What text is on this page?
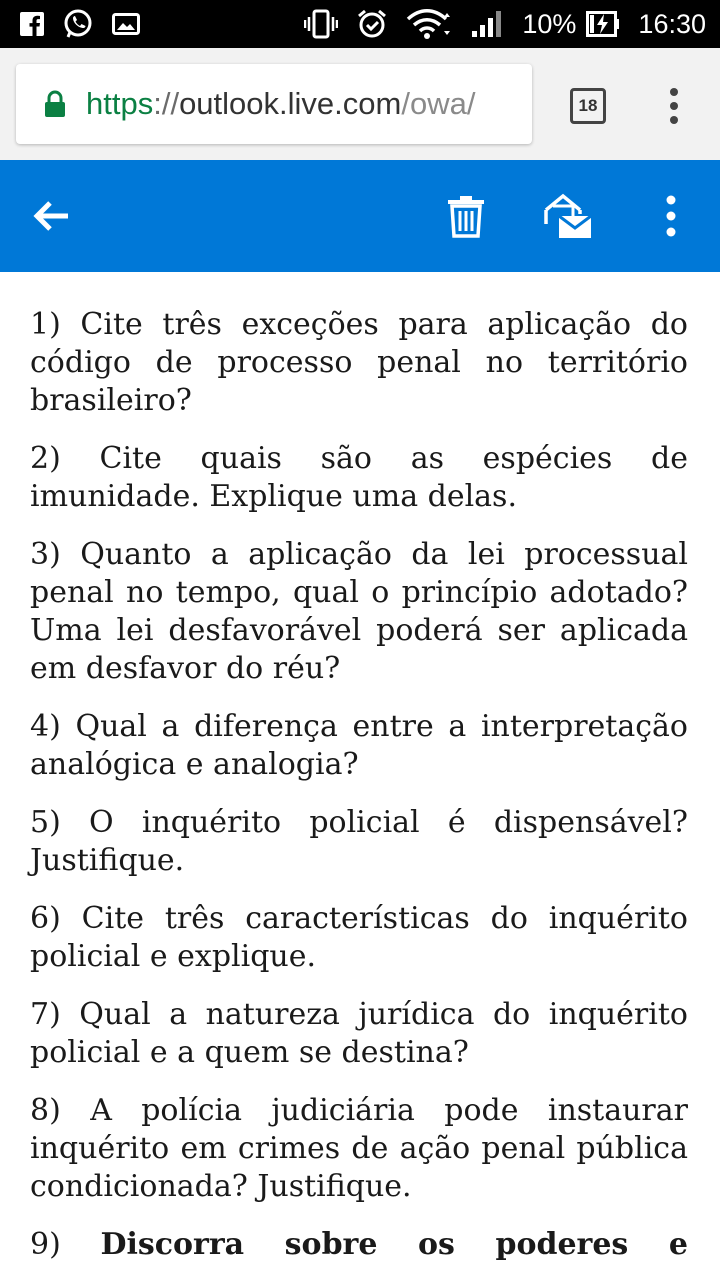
10% 16:30
https :// outlook.live.com /owa/	18

1) Cite três exceções para aplicação do código de processo penal no território brasileiro?

2) Cite quais são as espécies de imunidade. Explique uma delas.

3) Quanto a aplicação da lei processual penal no tempo, qual o princípio adotado? Uma lei desfavorável poderá ser aplicada em desfavor do réu?

4) Qual a diferença entre a interpretação analógica e analogia?

5) O inquérito policial é dispensável? Justifique.

6) Cite três características do inquérito policial e explique.

7) Qual a natureza jurídica do inquérito policial e a quem se destina?

8) A polícia judiciária pode instaurar inquérito em crimes de ação penal pública condicionada? Justifique.

9) Discorra sobre os poderes e
